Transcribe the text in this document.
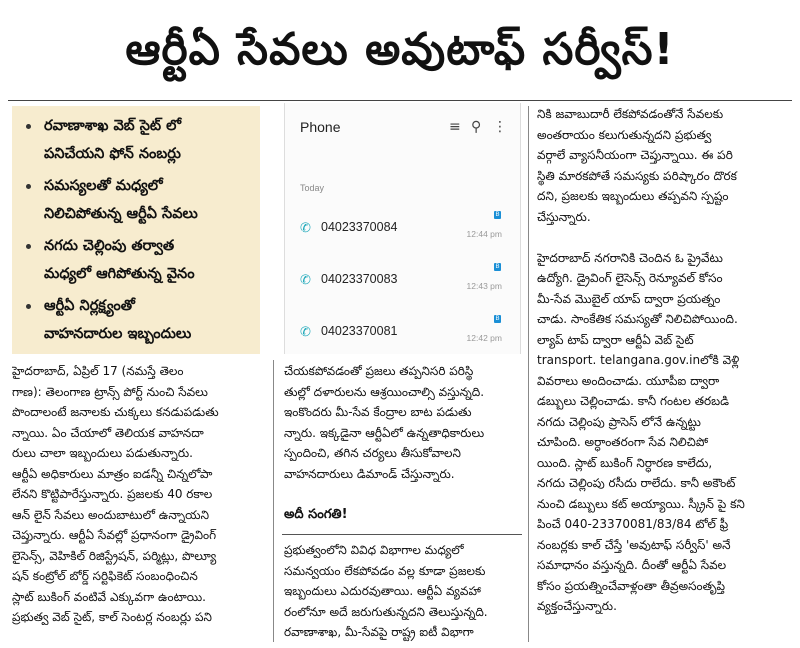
ఆర్టీఏ సేవలు అవుటాఫ్ సర్వీస్!
రవాణాశాఖ వెబ్ సైట్ లో
పనిచేయని ఫోన్ నంబర్లు
సమస్యలతో మధ్యలో
నిలిచిపోతున్న ఆర్టీఏ సేవలు
నగదు చెల్లింపు తర్వాత
మధ్యలో ఆగిపోతున్న వైనం
ఆర్టీఏ నిర్లక్ష్యంతో
వాహనదారుల ఇబ్బందులు
Phone	≡ ⚲ ⋮
Today
B
✆ 04023370084	12:44 pm
B
✆ 04023370083	12:43 pm
B
✆ 04023370081	12:42 pm
హైదరాబాద్, ఏప్రిల్ 17 (నమస్తే తెలం
గాణ): తెలంగాణ ట్రాన్స్ పోర్ట్ నుంచి సేవలు
పొందాలంటే జనాలకు చుక్కలు కనడుపడుతు
న్నాయి. ఏం చేయాలో తెలియక వాహనదా
రులు చాలా ఇబ్బందులు పడుతున్నారు.
ఆర్టీఏ అధికారులు మాత్రం ఐడన్నీ చిన్నలోపా
లేనని కొట్టిపారేస్తున్నారు. ప్రజలకు 40 రకాల
ఆన్ లైన్ సేవలు అందుబాటులో ఉన్నాయని
చెప్తున్నారు. ఆర్టీఏ సేవల్లో ప్రధానంగా డ్రైవింగ్
లైసెన్స్, వెహికిల్ రిజిస్ట్రేషన్, పర్మిట్లు, పొల్యూ
షన్ కంట్రోల్ బోర్డ్ సర్టిఫికెట్ సంబంధించిన
స్లాట్ బుకింగ్ వంటివే ఎక్కువగా ఉంటాయి.
ప్రభుత్వ వెబ్ సైట్, కాల్ సెంటర్ల నంబర్లు పని
చేయకపోవడంతో ప్రజలు తప్పనిసరి పరిస్థి
తుల్లో దళారులను ఆశ్రయించాల్సి వస్తున్నది.
ఇంకొందరు మీ-సేవ కేంద్రాల బాట పడుతు
న్నారు. ఇక్కడైనా ఆర్టీఏలో ఉన్నతాధికారులు
స్పందించి, తగిన చర్యలు తీసుకోవాలని
వాహనదారులు డిమాండ్ చేస్తున్నారు.
అదీ సంగతి!
ప్రభుత్వంలోని వివిధ విభాగాల మధ్యలో
సమన్వయం లేకపోవడం వల్ల కూడా ప్రజలకు
ఇబ్బందులు ఎదురవుతాయి. ఆర్టీఏ వ్యవహా
రంలోనూ అదే జరుగుతున్నదని తెలుస్తున్నది.
రవాణాశాఖ, మీ-సేవపై రాష్ట్ర ఐటీ విభాగా
నికి జవాబుదారీ లేకపోవడంతోనే సేవలకు
అంతరాయం కలుగుతున్నదని ప్రభుత్వ
వర్గాలే వ్యాసనీయంగా చెప్తున్నాయి. ఈ పరి
స్థితి మారకపోతే సమస్యకు పరిష్కారం దొరక
దని, ప్రజలకు ఇబ్బందులు తప్పవని స్పష్టం
చేస్తున్నారు.
హైదరాబాద్ నగరానికి చెందిన ఓ ప్రైవేటు
ఉద్యోగి. డ్రైవింగ్ లైసెన్స్ రెన్యూవల్ కోసం
మీ-సేవ మొబైల్ యాప్ ద్వారా ప్రయత్నం
చాడు. సాంకేతిక సమస్యతో నిలిచిపోయింది.
ల్యాప్ టాప్ ద్వారా ఆర్టీఏ వెబ్ సైట్
transport. telangana.gov.inలోకి వెళ్లి
వివరాలు అందించాడు. యూపీఐ ద్వారా
డబ్బులు చెల్లించాడు. కానీ గంటల తరబడి
నగదు చెల్లింపు ప్రాసెస్ లోనే ఉన్నట్టు
చూపింది. అర్ధాంతరంగా సేవ నిలిచిపో
యింది. స్లాట్ బుకింగ్ నిర్ధారణ కాలేదు,
నగదు చెల్లింపు రసీదు రాలేదు. కానీ అకౌంట్
నుంచి డబ్బులు కట్ అయ్యాయి. స్క్రీన్ పై కని
పించే 040-23370081/83/84 టోల్ ఫ్రీ
నంబర్లకు కాల్ చేస్తే 'అవుటాఫ్ సర్వీస్' అనే
సమాధానం వస్తున్నది. దీంతో ఆర్టీఏ సేవల
కోసం ప్రయత్నించేవాళ్లంతా తీవ్రఅసంతృప్తి
వ్యక్తంచేస్తున్నారు.
